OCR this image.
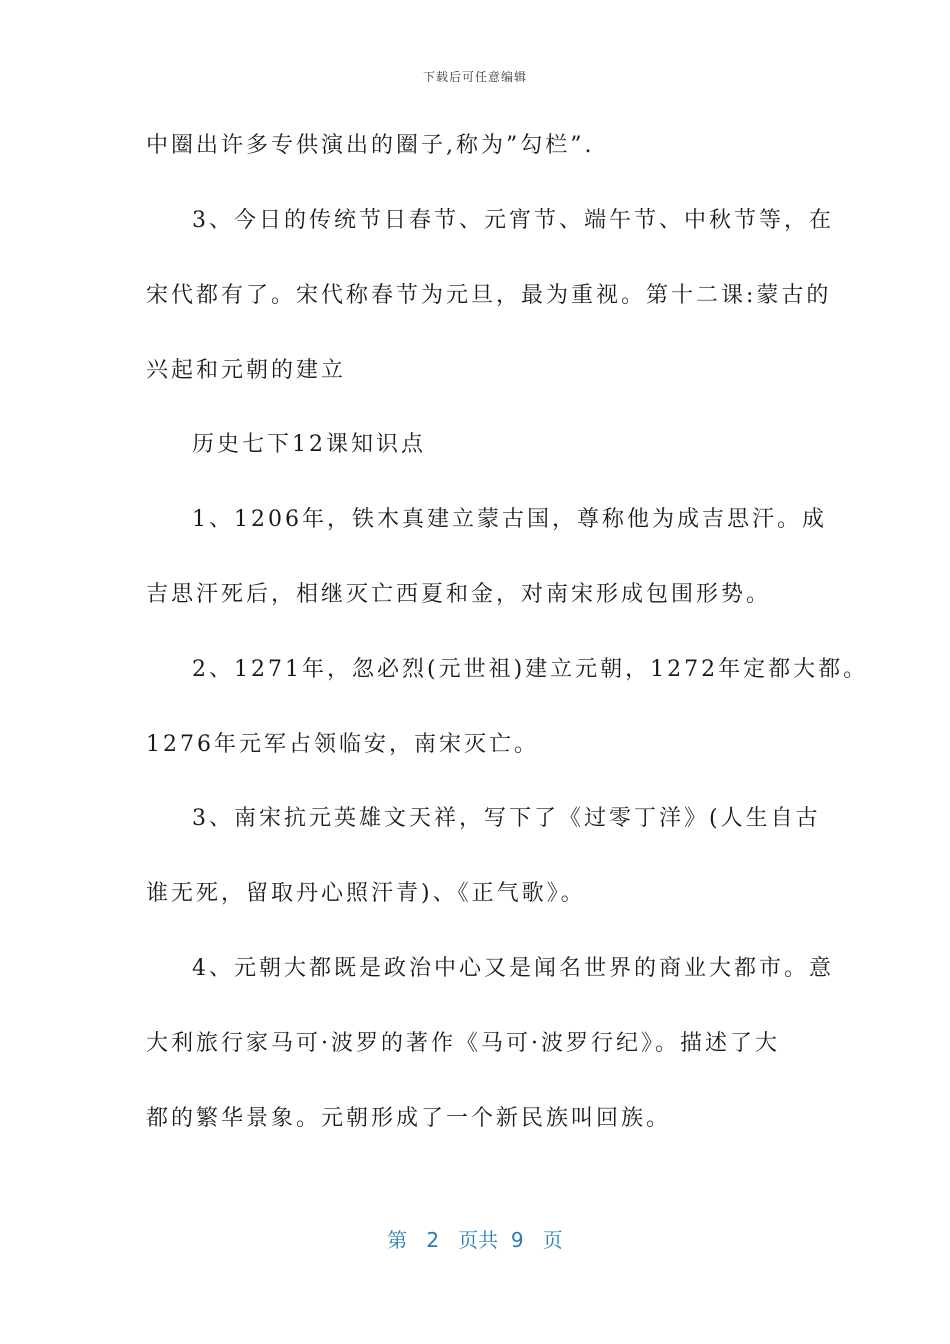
下载后可任意编辑
中圈出许多专供演出的圈子,称为”勾栏”.
3、今日的传统节日春节、元宵节、端午节、中秋节等，在
宋代都有了。宋代称春节为元旦，最为重视。第十二课:蒙古的
兴起和元朝的建立
历史七下12课知识点
1、1206年，铁木真建立蒙古国，尊称他为成吉思汗。成
吉思汗死后，相继灭亡西夏和金，对南宋形成包围形势。
2、1271年，忽必烈(元世祖)建立元朝，1272年定都大都。
1276年元军占领临安，南宋灭亡。
3、南宋抗元英雄文天祥，写下了《过零丁洋》(人生自古
谁无死，留取丹心照汗青)、《正气歌》。
4、元朝大都既是政治中心又是闻名世界的商业大都市。意
大利旅行家马可·波罗的著作《马可·波罗行纪》。描述了大
都的繁华景象。元朝形成了一个新民族叫回族。
第 2 页共 9 页
